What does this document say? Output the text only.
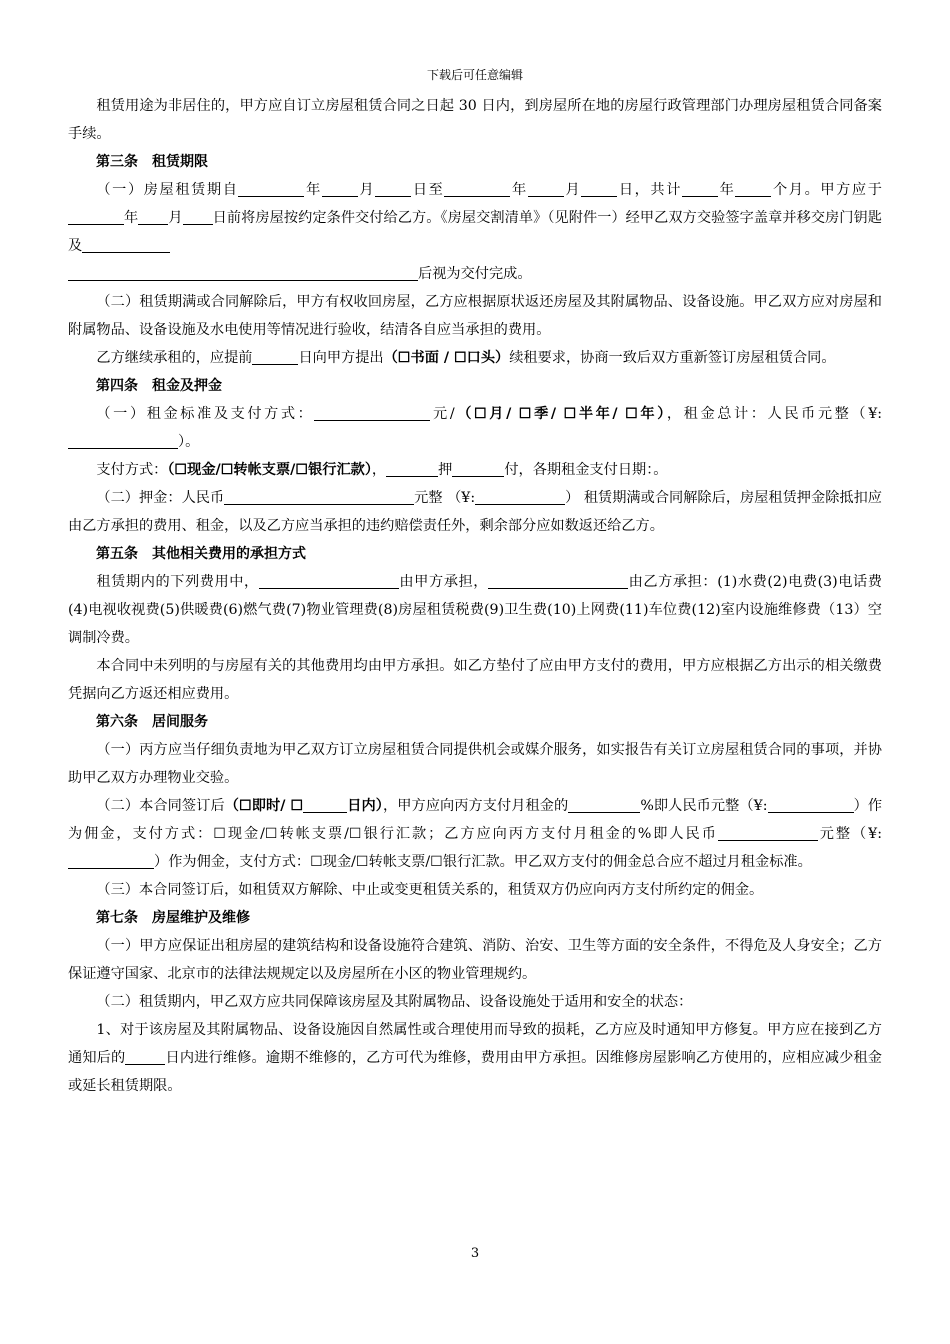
下载后可任意编辑

租赁用途为非居住的，甲方应自订立房屋租赁合同之日起 30 日内，到房屋所在地的房屋行政管理部门办理房屋租赁合同备案手续。

第三条　租赁期限

（一）房屋租赁期自	年	月	日至	年	月	日，共计	年	个月。甲方应于年 月 日前将房屋按约定条件交付给乙方。《房屋交割清单》（见附件一）经甲乙双方交验签字盖章并移交房门钥匙及
后视为交付完成。

（二）租赁期满或合同解除后，甲方有权收回房屋，乙方应根据原状返还房屋及其附属物品、设备设施。甲乙双方应对房屋和附属物品、设备设施及水电使用等情况进行验收，结清各自应当承担的费用。

乙方继续承租的，应提前	日向甲方提出（☐书面 / ☐口头）续租要求，协商一致后双方重新签订房屋租赁合同。

第四条　租金及押金

（一）租金标准及支付方式：	元/（☐月/ ☐季/ ☐半年/ ☐年），租金总计：人民币元整（¥:）。

支付方式：（☐现金/☐转帐支票/☐银行汇款），	押	付，各期租金支付日期：。

（二）押金：人民币	元整 （¥:	） 租赁期满或合同解除后，房屋租赁押金除抵扣应由乙方承担的费用、租金，以及乙方应当承担的违约赔偿责任外，剩余部分应如数返还给乙方。

第五条　其他相关费用的承担方式

租赁期内的下列费用中，	由甲方承担，	由乙方承担：(1)水费(2)电费(3)电话费(4)电视收视费(5)供暖费(6)燃气费(7)物业管理费(8)房屋租赁税费(9)卫生费(10)上网费(11)车位费(12)室内设施维修费（13）空调制冷费。

本合同中未列明的与房屋有关的其他费用均由甲方承担。如乙方垫付了应由甲方支付的费用，甲方应根据乙方出示的相关缴费凭据向乙方返还相应费用。

第六条　居间服务

（一）丙方应当仔细负责地为甲乙双方订立房屋租赁合同提供机会或媒介服务，如实报告有关订立房屋租赁合同的事项，并协助甲乙双方办理物业交验。

（二）本合同签订后（☐即时/ ☐	日内），甲方应向丙方支付月租金的	%即人民币元整（¥:	）作为佣金，支付方式：☐现金/☐转帐支票/☐银行汇款；乙方应向丙方支付月租金的%即人民币	元整（¥:）作为佣金，支付方式：☐现金/☐转帐支票/☐银行汇款。甲乙双方支付的佣金总合应不超过月租金标准。

（三）本合同签订后，如租赁双方解除、中止或变更租赁关系的，租赁双方仍应向丙方支付所约定的佣金。

第七条　房屋维护及维修

（一）甲方应保证出租房屋的建筑结构和设备设施符合建筑、消防、治安、卫生等方面的安全条件，不得危及人身安全；乙方保证遵守国家、北京市的法律法规规定以及房屋所在小区的物业管理规约。

（二）租赁期内，甲乙双方应共同保障该房屋及其附属物品、设备设施处于适用和安全的状态：

1、对于该房屋及其附属物品、设备设施因自然属性或合理使用而导致的损耗，乙方应及时通知甲方修复。甲方应在接到乙方通知后的	日内进行维修。逾期不维修的，乙方可代为维修，费用由甲方承担。因维修房屋影响乙方使用的，应相应减少租金或延长租赁期限。

3
